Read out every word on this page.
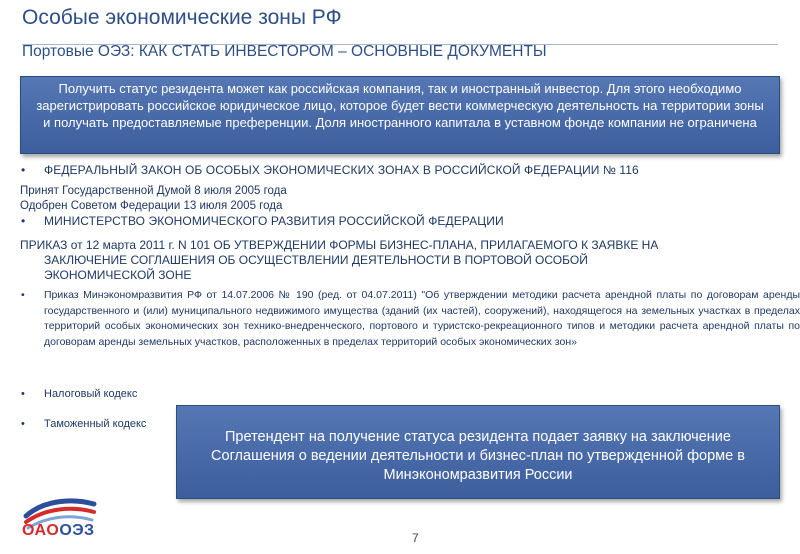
Особые экономические зоны РФ
Портовые ОЭЗ: КАК СТАТЬ ИНВЕСТОРОМ – ОСНОВНЫЕ ДОКУМЕНТЫ
Получить статус резидента может как российская компания, так и иностранный инвестор. Для этого необходимо зарегистрировать российское юридическое лицо, которое будет вести коммерческую деятельность на территории зоны и получать предоставляемые преференции. Доля иностранного капитала в уставном фонде компании не ограничена
• ФЕДЕРАЛЬНЫЙ ЗАКОН ОБ ОСОБЫХ ЭКОНОМИЧЕСКИХ ЗОНАХ В РОССИЙСКОЙ ФЕДЕРАЦИИ № 116
Принят Государственной Думой 8 июля 2005 года
Одобрен Советом Федерации 13 июля 2005 года
• МИНИСТЕРСТВО ЭКОНОМИЧЕСКОГО РАЗВИТИЯ РОССИЙСКОЙ ФЕДЕРАЦИИ
ПРИКАЗ от 12 марта 2011 г. N 101 ОБ УТВЕРЖДЕНИИ ФОРМЫ БИЗНЕС-ПЛАНА, ПРИЛАГАЕМОГО К ЗАЯВКЕ НА
ЗАКЛЮЧЕНИЕ СОГЛАШЕНИЯ ОБ ОСУЩЕСТВЛЕНИИ ДЕЯТЕЛЬНОСТИ В ПОРТОВОЙ ОСОБОЙ
ЭКОНОМИЧЕСКОЙ ЗОНЕ
• Приказ Минэкономразвития РФ от 14.07.2006 № 190 (ред. от 04.07.2011) "Об утверждении методики расчета арендной платы по договорам аренды государственного и (или) муниципального недвижимого имущества (зданий (их частей), сооружений), находящегося на земельных участках в пределах территорий особых экономических зон технико-внедренческого, портового и туристско-рекреационного типов и методики расчета арендной платы по договорам аренды земельных участков, расположенных в пределах территорий особых экономических зон»
• Налоговый кодекс
• Таможенный кодекс
Претендент на получение статуса резидента подает заявку на заключение Соглашения о ведении деятельности и бизнес-план по утвержденной форме в Минэкономразвития России
ОАООЭЗ	7
